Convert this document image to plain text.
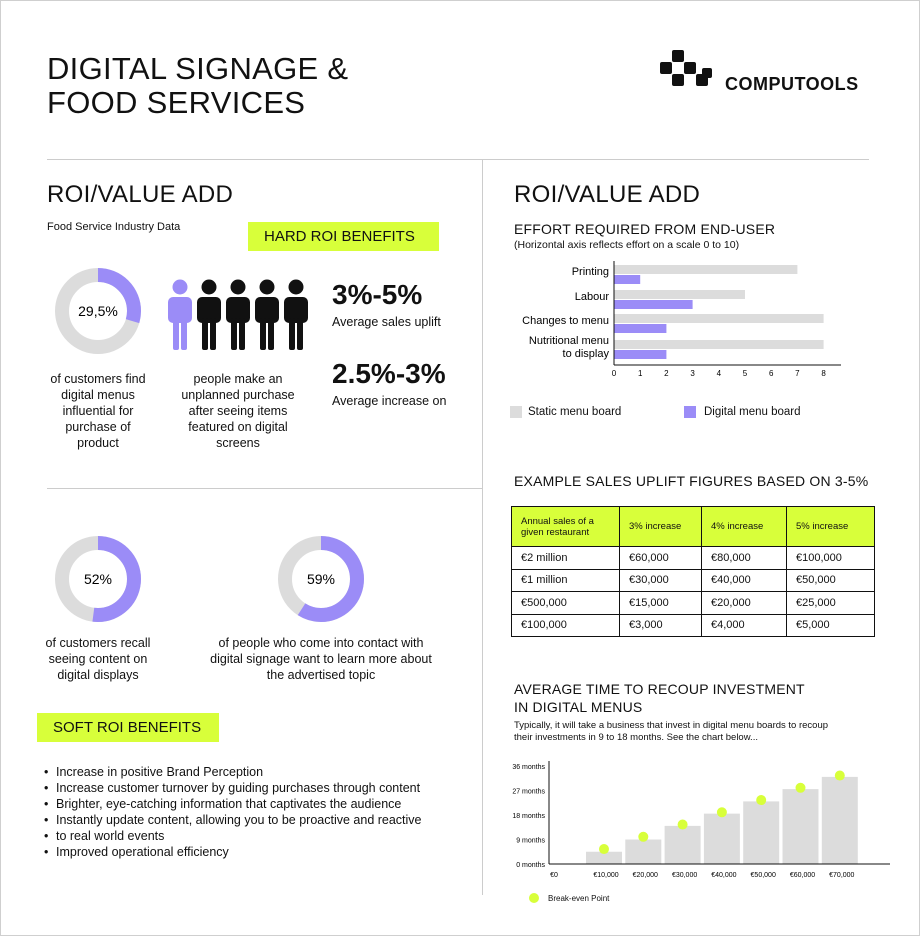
DIGITAL SIGNAGE &
FOOD SERVICES
COMPUTOOLS
ROI/VALUE ADD
Food Service Industry Data
HARD ROI BENEFITS
29,5%
of customers find
digital menus
influential for
purchase of
product
people make an
unplanned purchase
after seeing items
featured on digital
screens
3%-5%
Average sales uplift
2.5%-3%
Average increase on
52%
of customers recall
seeing content on
digital displays
59%
of people who come into contact with
digital signage want to learn more about
the advertised topic
SOFT ROI BENEFITS
• Increase in positive Brand Perception
• Increase customer turnover by guiding purchases through content
• Brighter, eye-catching information that captivates the audience
• Instantly update content, allowing you to be proactive and reactive
• to real world events
• Improved operational efficiency
ROI/VALUE ADD
EFFORT REQUIRED FROM END-USER
(Horizontal axis reflects effort on a scale 0 to 10)
Printing
Labour
Changes to menu
Nutritional menu
to display
0	1	2	3	4	5	6	7	8
Static menu board	Digital menu board
EXAMPLE SALES UPLIFT FIGURES BASED ON 3-5%
Annual sales of a given restaurant	3% increase	4% increase	5% increase
€2 million	€60,000	€80,000	€100,000
€1 million	€30,000	€40,000	€50,000
€500,000	€15,000	€20,000	€25,000
€100,000	€3,000	€4,000	€5,000
AVERAGE TIME TO RECOUP INVESTMENT
IN DIGITAL MENUS
Typically, it will take a business that invest in digital menu boards to recoup
their investments in 9 to 18 months. See the chart below...
0 months
9 months
18 months
27 months
36 months
€10,000 €20,000 €30,000 €40,000 €50,000 €60,000 €70,000
€0
Break-even Point
